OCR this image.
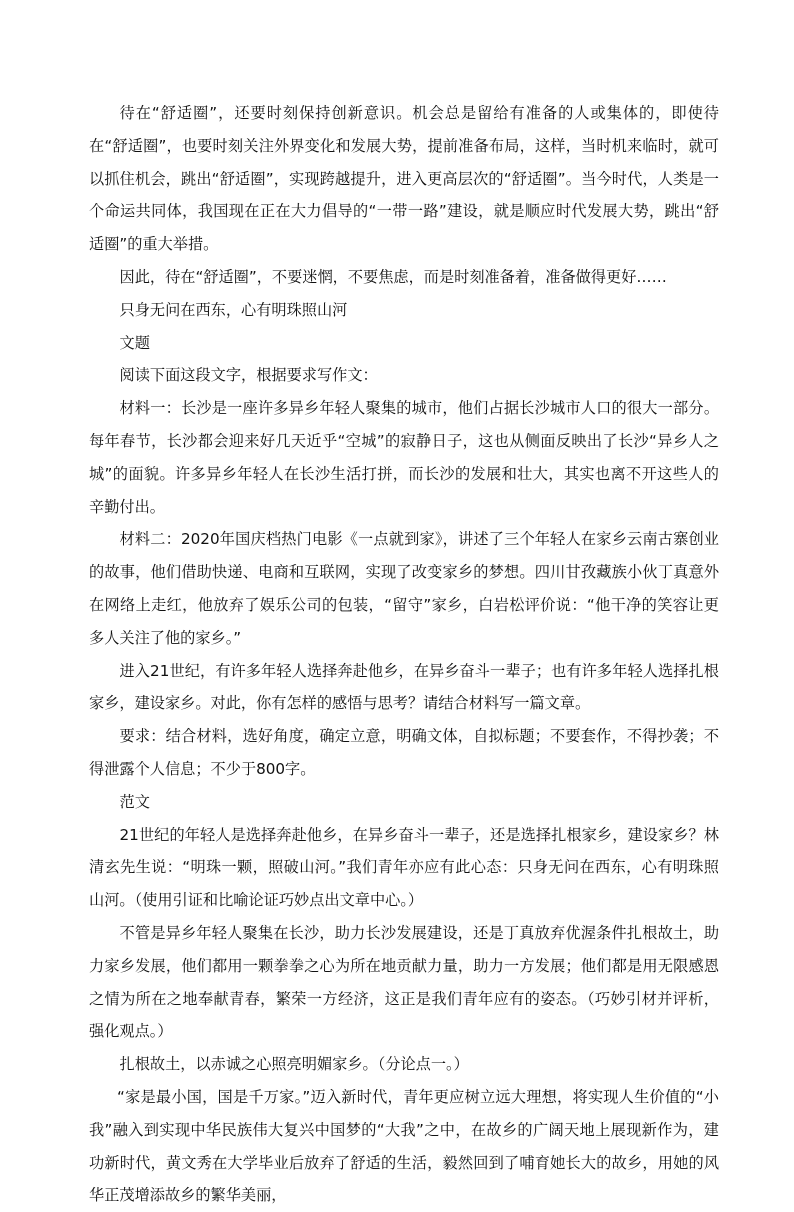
待在“舒适圈”，还要时刻保持创新意识。机会总是留给有准备的人或集体的，即使待在“舒适圈”，也要时刻关注外界变化和发展大势，提前准备布局，这样，当时机来临时，就可以抓住机会，跳出“舒适圈”，实现跨越提升，进入更高层次的“舒适圈”。当今时代，人类是一个命运共同体，我国现在正在大力倡导的“一带一路”建设，就是顺应时代发展大势，跳出“舒适圈”的重大举措。

因此，待在“舒适圈”，不要迷惘，不要焦虑，而是时刻准备着，准备做得更好……

只身无问在西东，心有明珠照山河

文题

阅读下面这段文字，根据要求写作文：

材料一：长沙是一座许多异乡年轻人聚集的城市，他们占据长沙城市人口的很大一部分。每年春节，长沙都会迎来好几天近乎“空城”的寂静日子，这也从侧面反映出了长沙“异乡人之城”的面貌。许多异乡年轻人在长沙生活打拼，而长沙的发展和壮大，其实也离不开这些人的辛勤付出。

材料二：2020年国庆档热门电影《一点就到家》，讲述了三个年轻人在家乡云南古寨创业的故事，他们借助快递、电商和互联网，实现了改变家乡的梦想。四川甘孜藏族小伙丁真意外在网络上走红，他放弃了娱乐公司的包装，“留守”家乡，白岩松评价说：“他干净的笑容让更多人关注了他的家乡。”

进入21世纪，有许多年轻人选择奔赴他乡，在异乡奋斗一辈子；也有许多年轻人选择扎根家乡，建设家乡。对此，你有怎样的感悟与思考？请结合材料写一篇文章。

要求：结合材料，选好角度，确定立意，明确文体，自拟标题；不要套作，不得抄袭；不得泄露个人信息；不少于800字。

范文

21世纪的年轻人是选择奔赴他乡，在异乡奋斗一辈子，还是选择扎根家乡，建设家乡？林清玄先生说：“明珠一颗，照破山河。”我们青年亦应有此心态：只身无问在西东，心有明珠照山河。（使用引证和比喻论证巧妙点出文章中心。）

不管是异乡年轻人聚集在长沙，助力长沙发展建设，还是丁真放弃优渥条件扎根故土，助力家乡发展，他们都用一颗拳拳之心为所在地贡献力量，助力一方发展；他们都是用无限感恩之情为所在之地奉献青春，繁荣一方经济，这正是我们青年应有的姿态。（巧妙引材并评析，强化观点。）

扎根故土，以赤诚之心照亮明媚家乡。（分论点一。）

“家是最小国，国是千万家。”迈入新时代，青年更应树立远大理想，将实现人生价值的“小我”融入到实现中华民族伟大复兴中国梦的“大我”之中，在故乡的广阔天地上展现新作为，建功新时代，黄文秀在大学毕业后放弃了舒适的生活，毅然回到了哺育她长大的故乡，用她的风华正茂增添故乡的繁华美丽，
